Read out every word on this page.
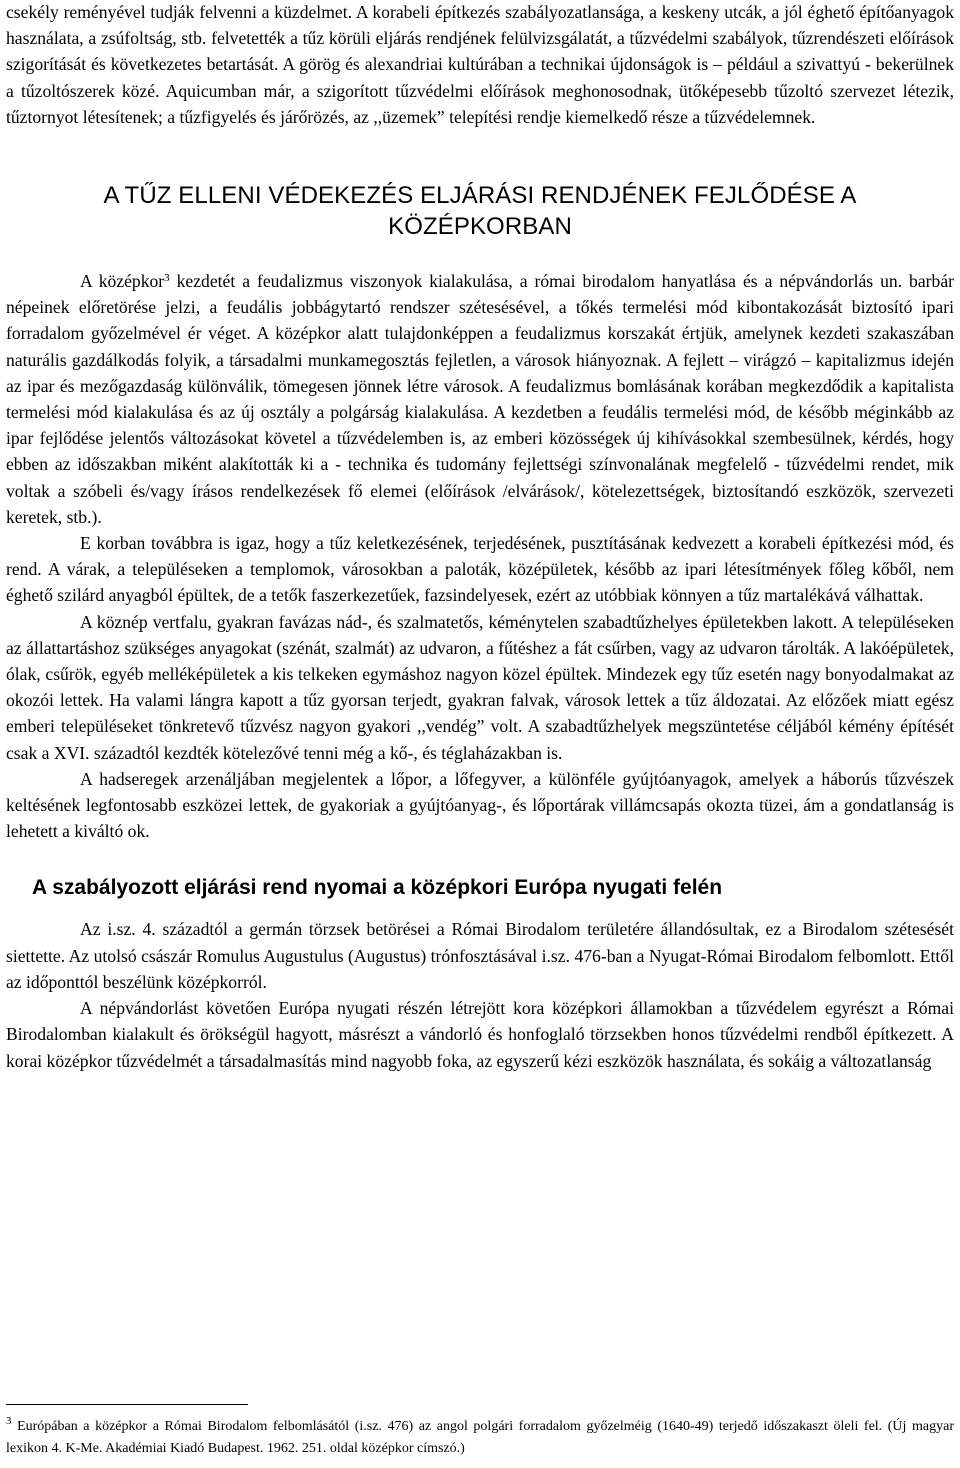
csekély reményével tudják felvenni a küzdelmet. A korabeli építkezés szabályozatlansága, a keskeny utcák, a jól éghető építőanyagok használata, a zsúfoltság, stb. felvetették a tűz körüli eljárás rendjének felülvizsgálatát, a tűzvédelmi szabályok, tűzrendészeti előírások szigorítását és következetes betartását. A görög és alexandriai kultúrában a technikai újdonságok is – például a szivattyú - bekerülnek a tűzoltószerek közé. Aquicumban már, a szigorított tűzvédelmi előírások meghonosodnak, ütőképesebb tűzoltó szervezet létezik, tűztornyot létesítenek; a tűzfigyelés és járőrözés, az ,,üzemek” telepítési rendje kiemelkedő része a tűzvédelemnek.

A TŰZ ELLENI VÉDEKEZÉS ELJÁRÁSI RENDJÉNEK FEJLŐDÉSE A
KÖZÉPKORBAN

A középkor$^3$ kezdetét a feudalizmus viszonyok kialakulása, a római birodalom hanyatlása és a népvándorlás un. barbár népeinek előretörése jelzi, a feudális jobbágytartó rendszer szétesésével, a tőkés termelési mód kibontakozását biztosító ipari forradalom győzelmével ér véget. A középkor alatt tulajdonképpen a feudalizmus korszakát értjük, amelynek kezdeti szakaszában naturális gazdálkodás folyik, a társadalmi munkamegosztás fejletlen, a városok hiányoznak. A fejlett – virágzó – kapitalizmus idején az ipar és mezőgazdaság különválik, tömegesen jönnek létre városok. A feudalizmus bomlásának korában megkezdődik a kapitalista termelési mód kialakulása és az új osztály a polgárság kialakulása. A kezdetben a feudális termelési mód, de később méginkább az ipar fejlődése jelentős változásokat követel a tűzvédelemben is, az emberi közösségek új kihívásokkal szembesülnek, kérdés, hogy ebben az időszakban miként alakították ki a - technika és tudomány fejlettségi színvonalának megfelelő - tűzvédelmi rendet, mik voltak a szóbeli és/vagy írásos rendelkezések fő elemei (előírások /elvárások/, kötelezettségek, biztosítandó eszközök, szervezeti keretek, stb.).

E korban továbbra is igaz, hogy a tűz keletkezésének, terjedésének, pusztításának kedvezett a korabeli építkezési mód, és rend. A várak, a településeken a templomok, városokban a paloták, középületek, később az ipari létesítmények főleg kőből, nem éghető szilárd anyagból épültek, de a tetők faszerkezetűek, fazsindelyesek, ezért az utóbbiak könnyen a tűz martalékává válhattak.

A köznép vertfalu, gyakran favázas nád-, és szalmatetős, kéménytelen szabadtűzhelyes épületekben lakott. A településeken az állattartáshoz szükséges anyagokat (szénát, szalmát) az udvaron, a fűtéshez a fát csűrben, vagy az udvaron tárolták. A lakóépületek, ólak, csűrök, egyéb melléképületek a kis telkeken egymáshoz nagyon közel épültek. Mindezek egy tűz esetén nagy bonyodalmakat az okozói lettek. Ha valami lángra kapott a tűz gyorsan terjedt, gyakran falvak, városok lettek a tűz áldozatai. Az előzőek miatt egész emberi településeket tönkretevő tűzvész nagyon gyakori ,,vendég” volt. A szabadtűzhelyek megszüntetése céljából kémény építését csak a XVI. századtól kezdték kötelezővé tenni még a kő-, és téglaházakban is.

A hadseregek arzenáljában megjelentek a lőpor, a lőfegyver, a különféle gyújtóanyagok, amelyek a háborús tűzvészek keltésének legfontosabb eszközei lettek, de gyakoriak a gyújtóanyag-, és lőportárak villámcsapás okozta tüzei, ám a gondatlanság is lehetett a kiváltó ok.

A szabályozott eljárási rend nyomai a középkori Európa nyugati felén

Az i.sz. 4. századtól a germán törzsek betörései a Római Birodalom területére állandósultak, ez a Birodalom szétesését siettette. Az utolsó császár Romulus Augustulus (Augustus) trónfosztásával i.sz. 476-ban a Nyugat-Római Birodalom felbomlott. Ettől az időponttól beszélünk középkorról.

A népvándorlást követően Európa nyugati részén létrejött kora középkori államokban a tűzvédelem egyrészt a Római Birodalomban kialakult és örökségül hagyott, másrészt a vándorló és honfoglaló törzsekben honos tűzvédelmi rendből építkezett. A korai középkor tűzvédelmét a társadalmasítás mind nagyobb foka, az egyszerű kézi eszközök használata, és sokáig a változatlanság

$^3$ Európában a középkor a Római Birodalom felbomlásától (i.sz. 476) az angol polgári forradalom győzelméig (1640-49) terjedő időszakaszt öleli fel. (Új magyar lexikon 4. K-Me. Akadémiai Kiadó Budapest. 1962. 251. oldal középkor címszó.)
